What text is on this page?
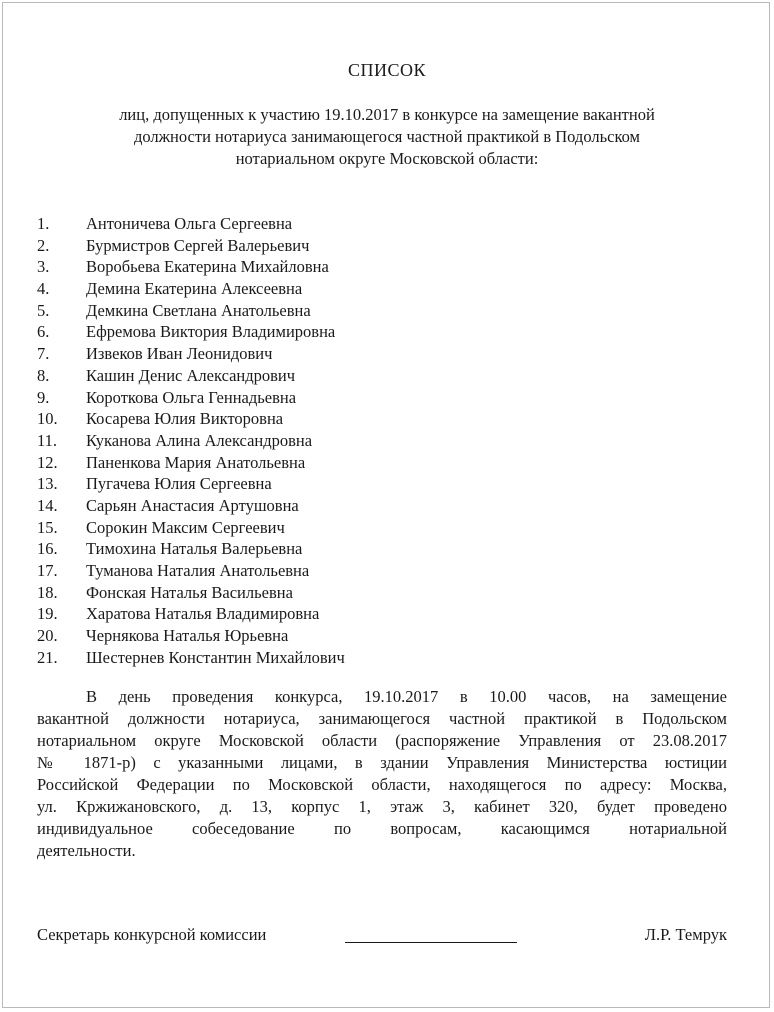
СПИСОК
лиц, допущенных к участию 19.10.2017 в конкурсе на замещение вакантной
должности нотариуса занимающегося частной практикой в Подольском
нотариальном округе Московской области:
1.	Антоничева Ольга Сергеевна
2.	Бурмистров Сергей Валерьевич
3.	Воробьева Екатерина Михайловна
4.	Демина Екатерина Алексеевна
5.	Демкина Светлана Анатольевна
6.	Ефремова Виктория Владимировна
7.	Извеков Иван Леонидович
8.	Кашин Денис Александрович
9.	Короткова Ольга Геннадьевна
10.	Косарева Юлия Викторовна
11.	Куканова Алина Александровна
12.	Паненкова Мария Анатольевна
13.	Пугачева Юлия Сергеевна
14.	Сарьян Анастасия Артушовна
15.	Сорокин Максим Сергеевич
16.	Тимохина Наталья Валерьевна
17.	Туманова Наталия Анатольевна
18.	Фонская Наталья Васильевна
19.	Харатова Наталья Владимировна
20.	Чернякова Наталья Юрьевна
21.	Шестернев Константин Михайлович
В день проведения конкурса, 19.10.2017 в 10.00 часов, на замещение
вакантной должности нотариуса, занимающегося частной практикой в Подольском
нотариальном округе Московской области (распоряжение Управления от 23.08.2017
№ 1871-р) с указанными лицами, в здании Управления Министерства юстиции
Российской Федерации по Московской области, находящегося по адресу: Москва,
ул. Кржижановского, д. 13, корпус 1, этаж 3, кабинет 320, будет проведено
индивидуальное собеседование по вопросам, касающимся нотариальной
деятельности.
Секретарь конкурсной комиссии	Л.Р. Темрук
